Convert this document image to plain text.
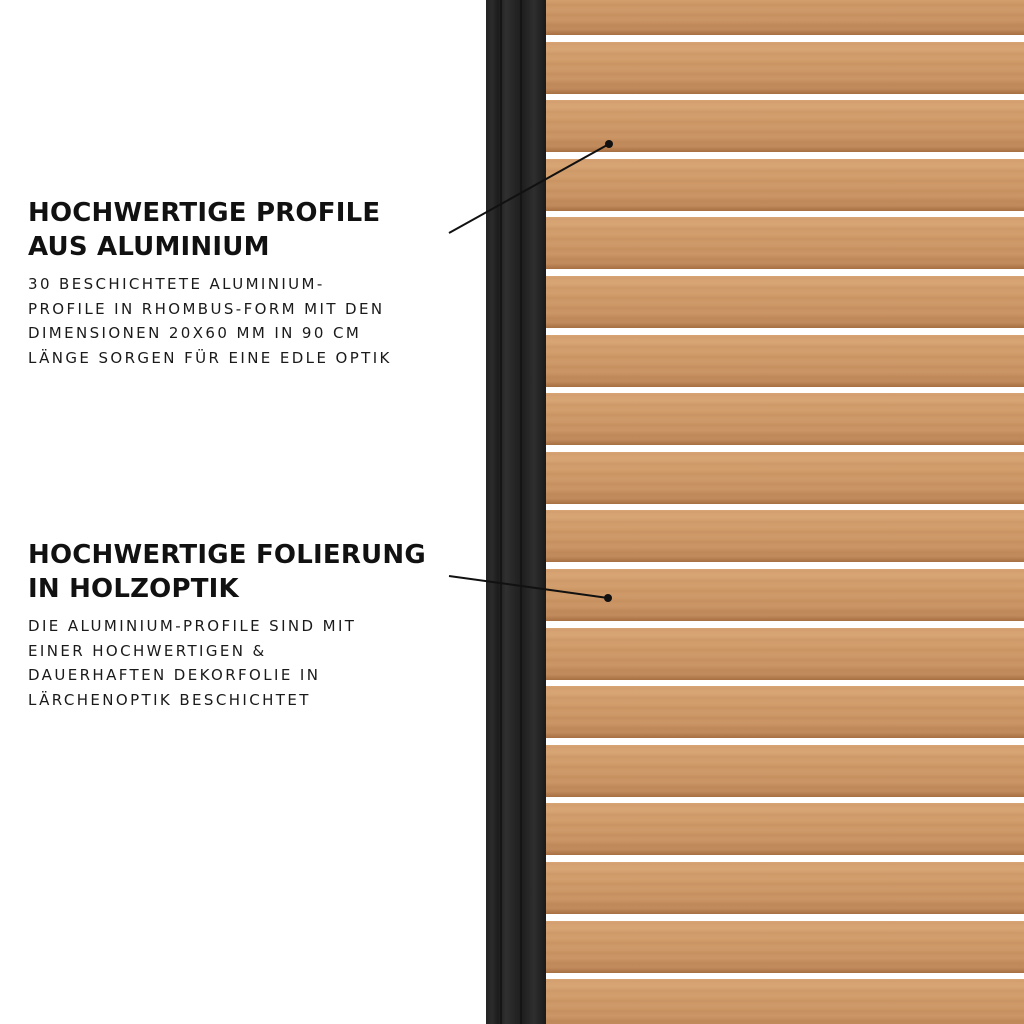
HOCHWERTIGE PROFILE
AUS ALUMINIUM

30 BESCHICHTETE ALUMINIUM-
PROFILE IN RHOMBUS-FORM MIT DEN
DIMENSIONEN 20X60 MM IN 90 CM
LÄNGE SORGEN FÜR EINE EDLE OPTIK

HOCHWERTIGE FOLIERUNG
IN HOLZOPTIK

DIE ALUMINIUM-PROFILE SIND MIT
EINER HOCHWERTIGEN &
DAUERHAFTEN DEKORFOLIE IN
LÄRCHENOPTIK BESCHICHTET
